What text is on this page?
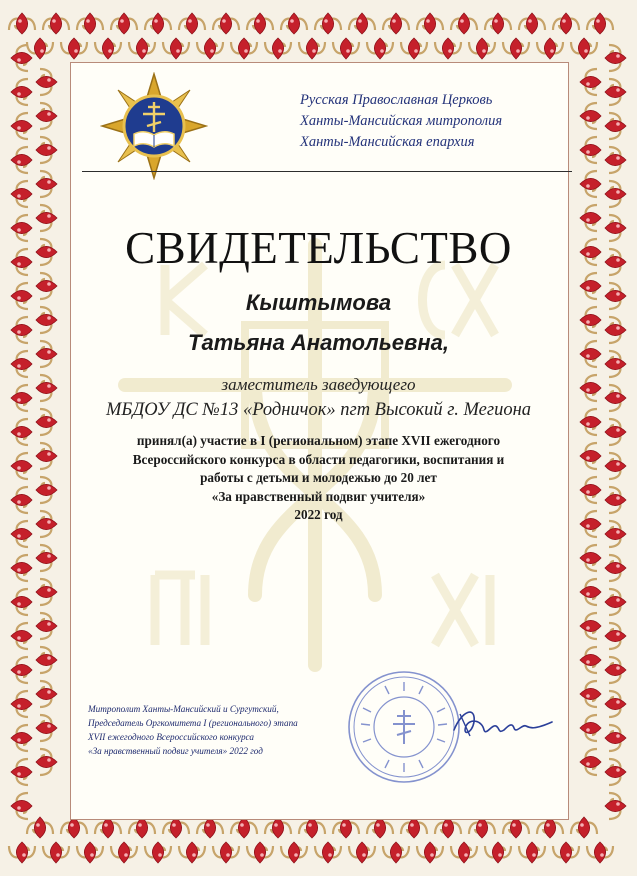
Русская Православная Церковь
Ханты-Мансийская митрополия
Ханты-Мансийская епархия
СВИДЕТЕЛЬСТВО
Кыштымова
Татьяна Анатольевна,
заместитель заведующего
МБДОУ ДС №13 «Родничок» пгт Высокий г. Мегиона
принял(а) участие в I (региональном) этапе XVII ежегодного
Всероссийского конкурса в области педагогики, воспитания и
работы с детьми и молодежью до 20 лет
«За нравственный подвиг учителя»
2022 год
Митрополит Ханты-Мансийский и Сургутский,
Председатель Оргкомитета I (регионального) этапа
XVII ежегодного Всероссийского конкурса
«За нравственный подвиг учителя» 2022 год
